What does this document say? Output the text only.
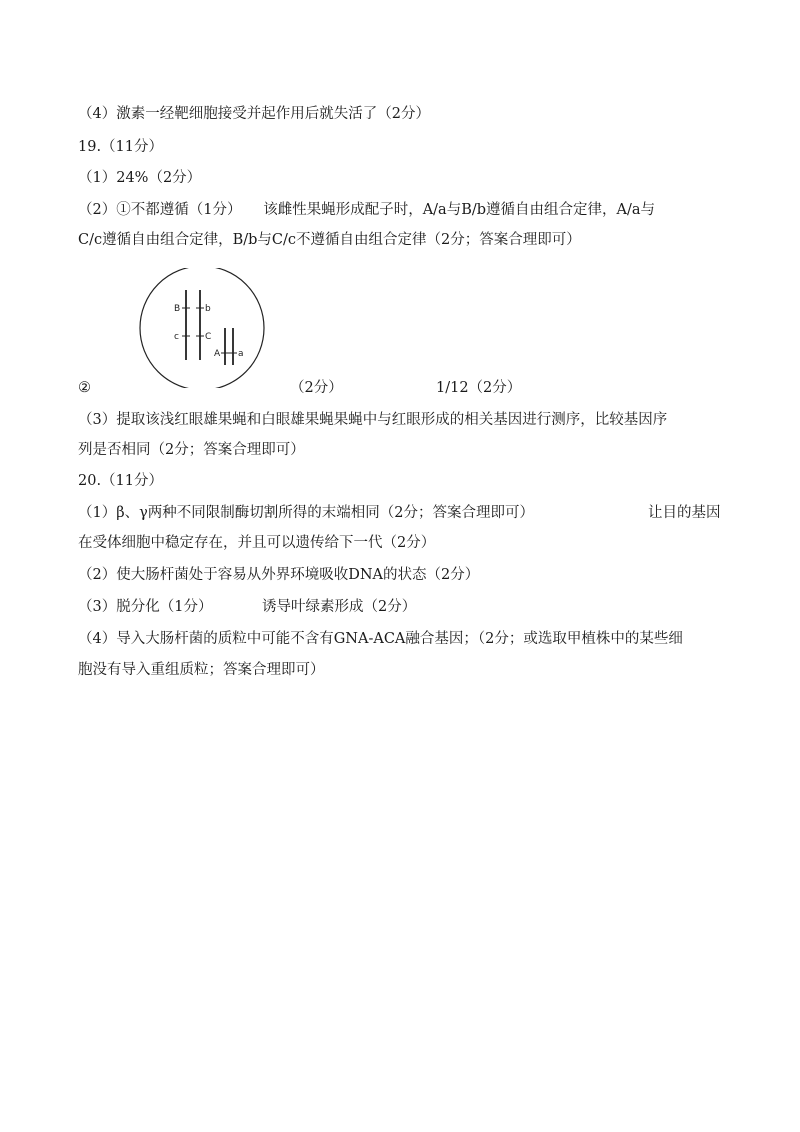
（4）激素一经靶细胞接受并起作用后就失活了（2分）
19.（11分）
（1）24%（2分）
（2）①不都遵循（1分）　　该雌性果蝇形成配子时，A/a与B/b遵循自由组合定律，A/a与
C/c遵循自由组合定律，B/b与C/c不遵循自由组合定律（2分；答案合理即可）
B	b
c	C
A a
②	（2分）	1/12（2分）
（3）提取该浅红眼雄果蝇和白眼雄果蝇果蝇中与红眼形成的相关基因进行测序，比较基因序
列是否相同（2分；答案合理即可）
20.（11分）
（1）β、γ两种不同限制酶切割所得的末端相同（2分；答案合理即可）	让目的基因
在受体细胞中稳定存在，并且可以遗传给下一代（2分）
（2）使大肠杆菌处于容易从外界环境吸收DNA的状态（2分）
（3）脱分化（1分）	诱导叶绿素形成（2分）
（4）导入大肠杆菌的质粒中可能不含有GNA-ACA融合基因；（2分；或选取甲植株中的某些细
胞没有导入重组质粒；答案合理即可）
